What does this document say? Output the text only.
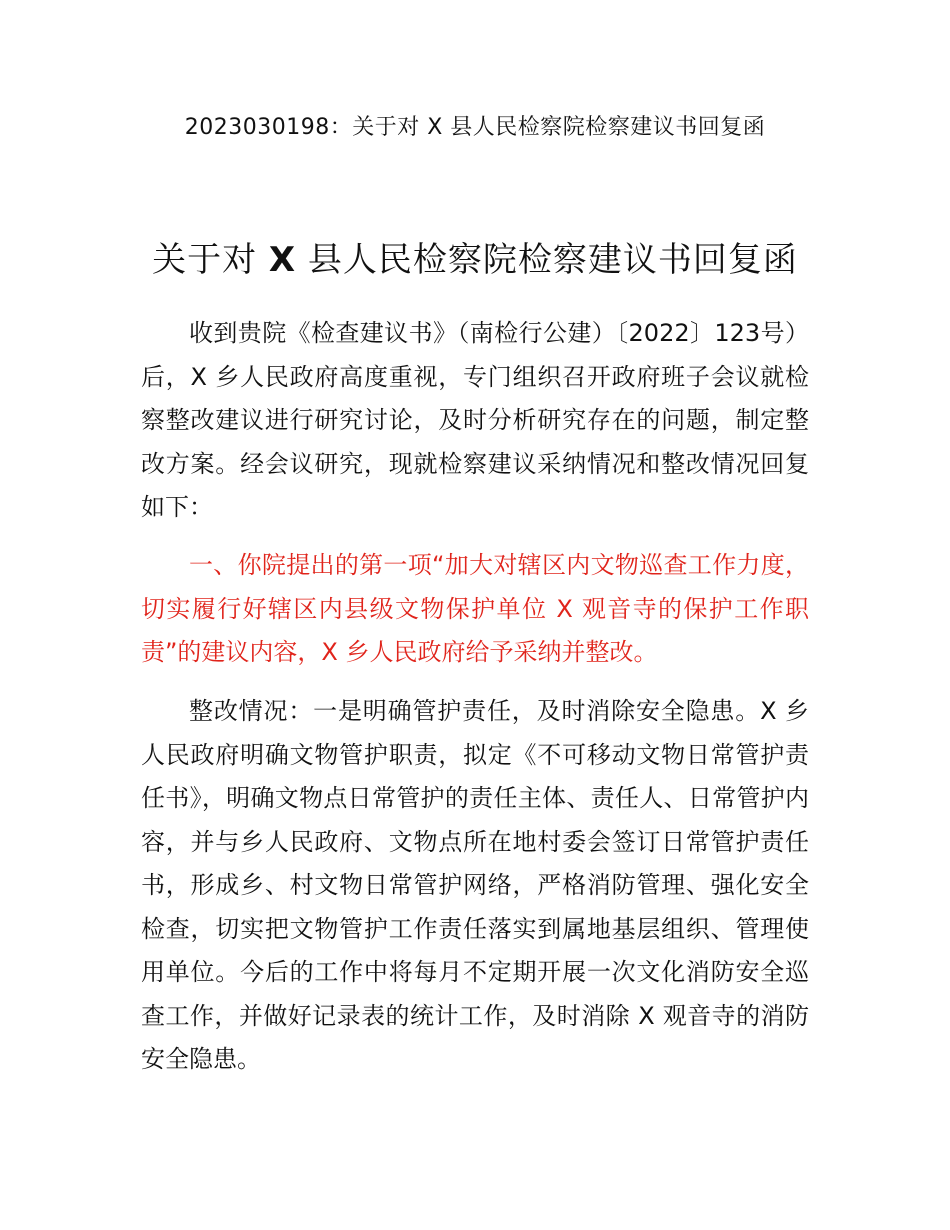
2023030198：关于对 X 县人民检察院检察建议书回复函
关于对 X 县人民检察院检察建议书回复函

收到贵院《检查建议书》（南检行公建）〔2022〕123号）后，X 乡人民政府高度重视，专门组织召开政府班子会议就检察整改建议进行研究讨论，及时分析研究存在的问题，制定整改方案。经会议研究，现就检察建议采纳情况和整改情况回复如下：

一、你院提出的第一项“加大对辖区内文物巡查工作力度，切实履行好辖区内县级文物保护单位 X 观音寺的保护工作职责”的建议内容，X 乡人民政府给予采纳并整改。

整改情况：一是明确管护责任，及时消除安全隐患。X 乡人民政府明确文物管护职责，拟定《不可移动文物日常管护责任书》，明确文物点日常管护的责任主体、责任人、日常管护内容，并与乡人民政府、文物点所在地村委会签订日常管护责任书，形成乡、村文物日常管护网络，严格消防管理、强化安全检查，切实把文物管护工作责任落实到属地基层组织、管理使用单位。今后的工作中将每月不定期开展一次文化消防安全巡查工作，并做好记录表的统计工作，及时消除 X 观音寺的消防安全隐患。
